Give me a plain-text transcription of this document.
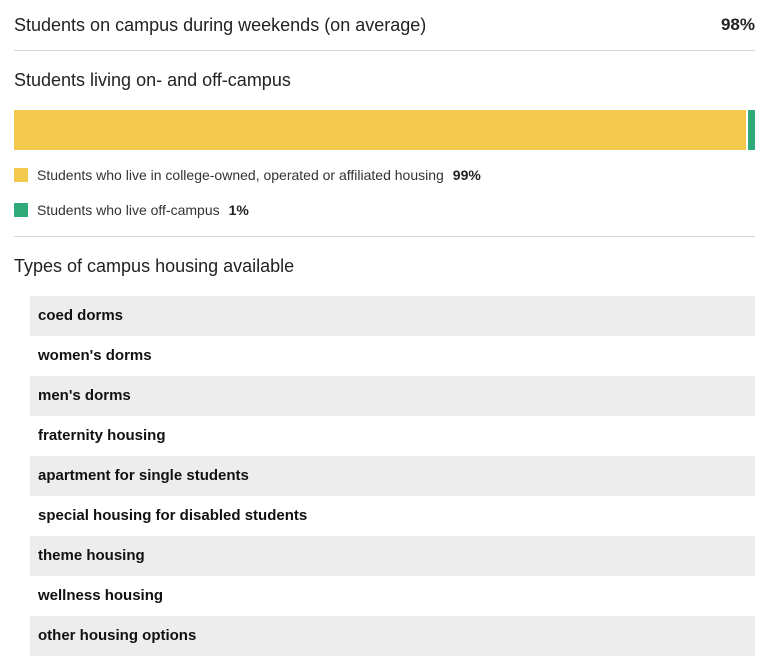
Students on campus during weekends (on average)	98%
Students living on- and off-campus
Students who live in college-owned, operated or affiliated housing 99%
Students who live off-campus 1%
Types of campus housing available
coed dorms
women's dorms
men's dorms
fraternity housing
apartment for single students
special housing for disabled students
theme housing
wellness housing
other housing options
